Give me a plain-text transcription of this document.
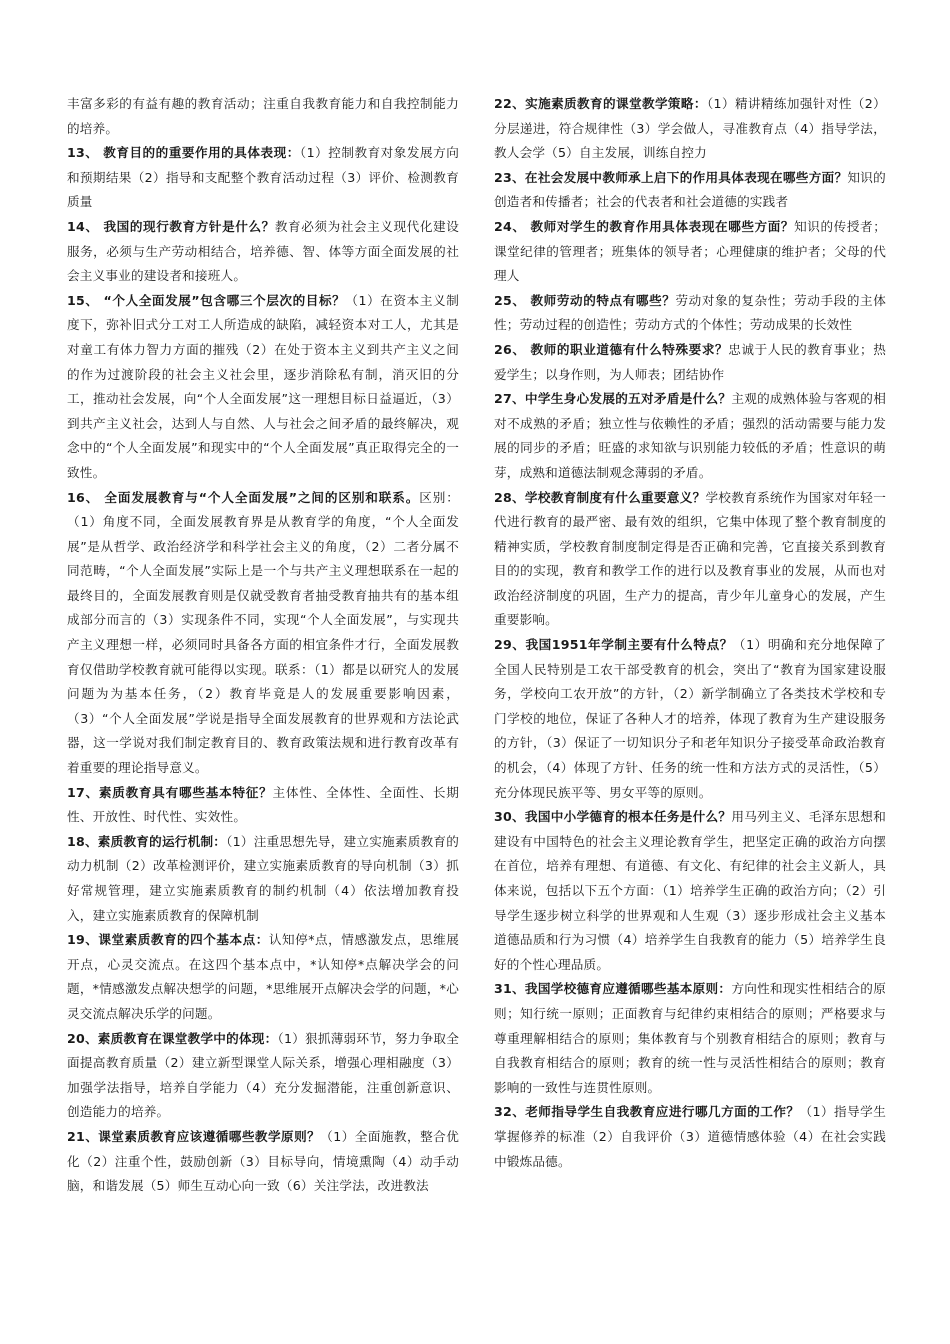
丰富多彩的有益有趣的教育活动；注重自我教育能力和自我控制能力的培养。

13、 教育目的的重要作用的具体表现：（1）控制教育对象发展方向和预期结果（2）指导和支配整个教育活动过程（3）评价、检测教育质量

14、 我国的现行教育方针是什么？教育必须为社会主义现代化建设服务，必须与生产劳动相结合，培养德、智、体等方面全面发展的社会主义事业的建设者和接班人。

15、 “个人全面发展”包含哪三个层次的目标？（1）在资本主义制度下，弥补旧式分工对工人所造成的缺陷，减轻资本对工人，尤其是对童工有体力智力方面的摧残（2）在处于资本主义到共产主义之间的作为过渡阶段的社会主义社会里，逐步消除私有制，消灭旧的分工，推动社会发展，向“个人全面发展”这一理想目标日益逼近，（3）到共产主义社会，达到人与自然、人与社会之间矛盾的最终解决，观念中的“个人全面发展”和现实中的“个人全面发展”真正取得完全的一致性。

16、 全面发展教育与“个人全面发展”之间的区别和联系。区别：（1）角度不同，全面发展教育界是从教育学的角度，“个人全面发展”是从哲学、政治经济学和科学社会主义的角度，（2）二者分属不同范畴，“个人全面发展”实际上是一个与共产主义理想联系在一起的最终目的，全面发展教育则是仅就受教育者抽受教育抽共有的基本组成部分而言的（3）实现条件不同，实现“个人全面发展”，与实现共产主义理想一样，必须同时具备各方面的相宜条件才行，全面发展教育仅借助学校教育就可能得以实现。联系：（1）都是以研究人的发展问题为为基本任务，（2）教育毕竟是人的发展重要影响因素，（3）“个人全面发展”学说是指导全面发展教育的世界观和方法论武器，这一学说对我们制定教育目的、教育政策法规和进行教育改革有着重要的理论指导意义。

17、素质教育具有哪些基本特征？主体性、全体性、全面性、长期性、开放性、时代性、实效性。

18、素质教育的运行机制：（1）注重思想先导，建立实施素质教育的动力机制（2）改革检测评价，建立实施素质教育的导向机制（3）抓好常规管理，建立实施素质教育的制约机制（4）依法增加教育投入，建立实施素质教育的保障机制

19、课堂素质教育的四个基本点：认知停*点，情感激发点，思维展开点，心灵交流点。在这四个基本点中，*认知停*点解决学会的问题，*情感激发点解决想学的问题，*思维展开点解决会学的问题，*心灵交流点解决乐学的问题。

20、素质教育在课堂教学中的体现：（1）狠抓薄弱环节，努力争取全面提高教育质量（2）建立新型课堂人际关系，增强心理相融度（3）加强学法指导，培养自学能力（4）充分发掘潜能，注重创新意识、创造能力的培养。

21、课堂素质教育应该遵循哪些教学原则？（1）全面施教，整合优化（2）注重个性，鼓励创新（3）目标导向，情境熏陶（4）动手动脑，和谐发展（5）师生互动心向一致（6）关注学法，改进教法

22、实施素质教育的课堂教学策略：（1）精讲精练加强针对性（2）分层递进，符合规律性（3）学会做人，寻准教育点（4）指导学法，教人会学（5）自主发展，训练自控力

23、在社会发展中教师承上启下的作用具体表现在哪些方面？知识的创造者和传播者；社会的代表者和社会道德的实践者

24、 教师对学生的教育作用具体表现在哪些方面？知识的传授者；课堂纪律的管理者；班集体的领导者；心理健康的维护者；父母的代理人

25、 教师劳动的特点有哪些？劳动对象的复杂性；劳动手段的主体性；劳动过程的创造性；劳动方式的个体性；劳动成果的长效性

26、 教师的职业道德有什么特殊要求？忠诚于人民的教育事业；热爱学生；以身作则，为人师表；团结协作

27、中学生身心发展的五对矛盾是什么？主观的成熟体验与客观的相对不成熟的矛盾；独立性与依赖性的矛盾；强烈的活动需要与能力发展的同步的矛盾；旺盛的求知欲与识别能力较低的矛盾；性意识的萌芽，成熟和道德法制观念薄弱的矛盾。

28、学校教育制度有什么重要意义？学校教育系统作为国家对年轻一代进行教育的最严密、最有效的组织，它集中体现了整个教育制度的精神实质，学校教育制度制定得是否正确和完善，它直接关系到教育目的的实现，教育和教学工作的进行以及教育事业的发展，从而也对政治经济制度的巩固，生产力的提高，青少年儿童身心的发展，产生重要影响。

29、我国1951年学制主要有什么特点？（1）明确和充分地保障了全国人民特别是工农干部受教育的机会，突出了“教育为国家建设服务，学校向工农开放”的方针，（2）新学制确立了各类技术学校和专门学校的地位，保证了各种人才的培养，体现了教育为生产建设服务的方针，（3）保证了一切知识分子和老年知识分子接受革命政治教育的机会，（4）体现了方针、任务的统一性和方法方式的灵活性，（5）充分体现民族平等、男女平等的原则。

30、我国中小学德育的根本任务是什么？用马列主义、毛泽东思想和建设有中国特色的社会主义理论教育学生，把坚定正确的政治方向摆在首位，培养有理想、有道德、有文化、有纪律的社会主义新人，具体来说，包括以下五个方面：（1）培养学生正确的政治方向；（2）引导学生逐步树立科学的世界观和人生观（3）逐步形成社会主义基本道德品质和行为习惯（4）培养学生自我教育的能力（5）培养学生良好的个性心理品质。

31、我国学校德育应遵循哪些基本原则：方向性和现实性相结合的原则；知行统一原则；正面教育与纪律约束相结合的原则；严格要求与尊重理解相结合的原则；集体教育与个别教育相结合的原则；教育与自我教育相结合的原则；教育的统一性与灵活性相结合的原则；教育影响的一致性与连贯性原则。

32、老师指导学生自我教育应进行哪几方面的工作？（1）指导学生掌握修养的标准（2）自我评价（3）道德情感体验（4）在社会实践中锻炼品德。
